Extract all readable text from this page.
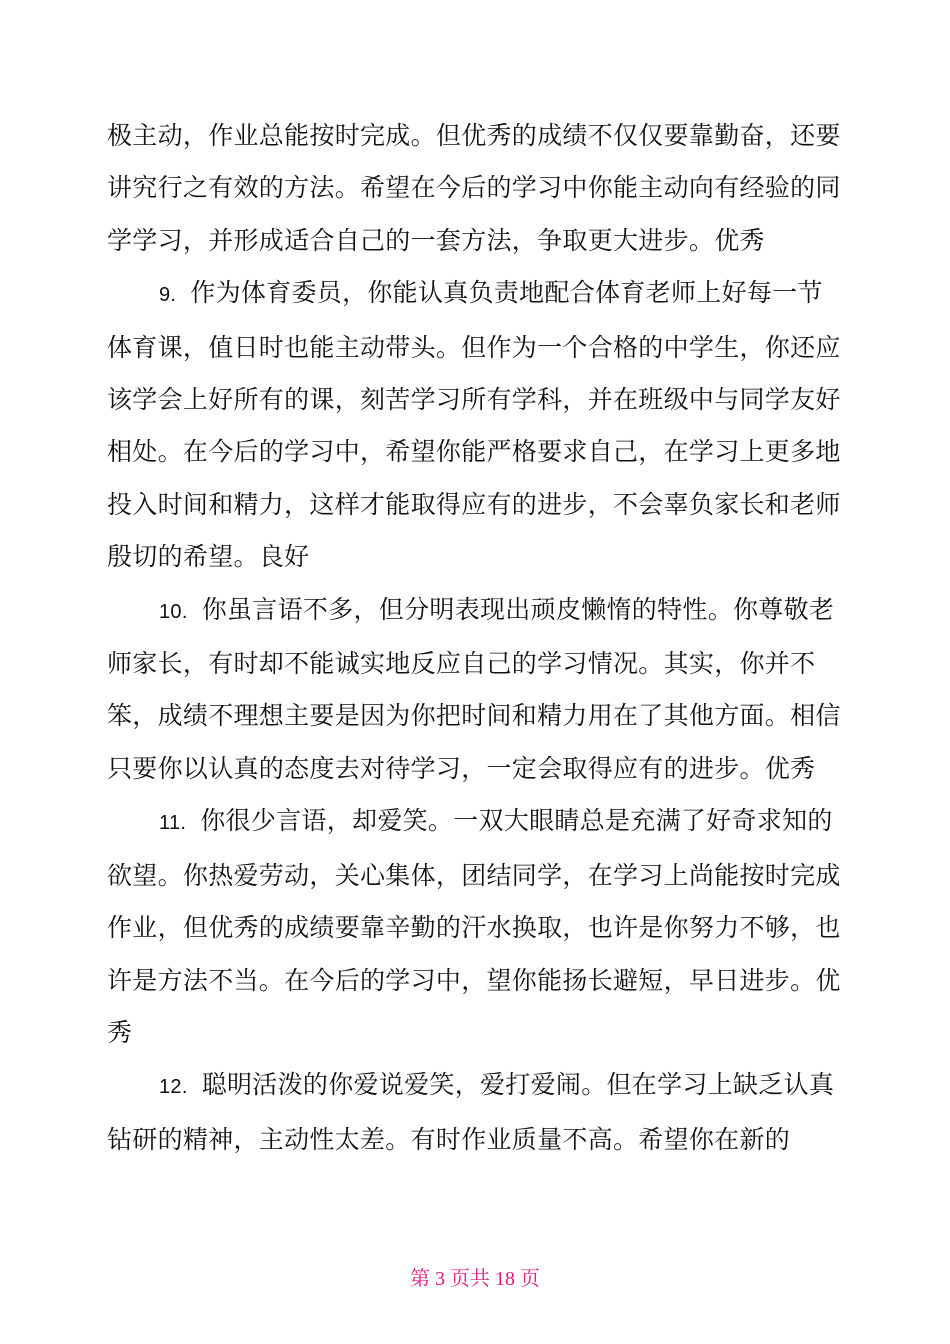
极主动，作业总能按时完成。但优秀的成绩不仅仅要靠勤奋，还要讲究行之有效的方法。希望在今后的学习中你能主动向有经验的同学学习，并形成适合自己的一套方法，争取更大进步。优秀

9. 作为体育委员，你能认真负责地配合体育老师上好每一节体育课，值日时也能主动带头。但作为一个合格的中学生，你还应该学会上好所有的课，刻苦学习所有学科，并在班级中与同学友好相处。在今后的学习中，希望你能严格要求自己，在学习上更多地投入时间和精力，这样才能取得应有的进步，不会辜负家长和老师殷切的希望。良好

10. 你虽言语不多，但分明表现出顽皮懒惰的特性。你尊敬老师家长，有时却不能诚实地反应自己的学习情况。其实，你并不笨，成绩不理想主要是因为你把时间和精力用在了其他方面。相信只要你以认真的态度去对待学习，一定会取得应有的进步。优秀

11. 你很少言语，却爱笑。一双大眼睛总是充满了好奇求知的欲望。你热爱劳动，关心集体，团结同学，在学习上尚能按时完成作业，但优秀的成绩要靠辛勤的汗水换取，也许是你努力不够，也许是方法不当。在今后的学习中，望你能扬长避短，早日进步。优秀

12. 聪明活泼的你爱说爱笑，爱打爱闹。但在学习上缺乏认真钻研的精神，主动性太差。有时作业质量不高。希望你在新的

第 3 页共 18 页
